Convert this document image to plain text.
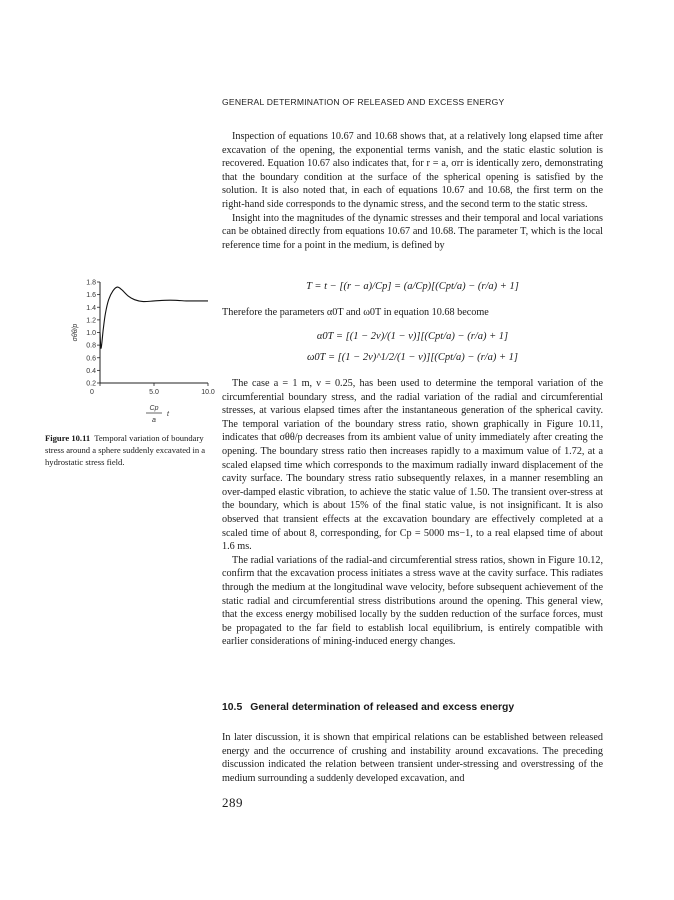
GENERAL DETERMINATION OF RELEASED AND EXCESS ENERGY

Inspection of equations 10.67 and 10.68 shows that, at a relatively long elapsed time after excavation of the opening, the exponential terms vanish, and the static elastic solution is recovered. Equation 10.67 also indicates that, for r = a, σrr is identically zero, demonstrating that the boundary condition at the surface of the spherical opening is satisfied by the solution. It is also noted that, in each of equations 10.67 and 10.68, the first term on the right-hand side corresponds to the dynamic stress, and the second term to the static stress.

Insight into the magnitudes of the dynamic stresses and their temporal and local variations can be obtained directly from equations 10.67 and 10.68. The parameter T, which is the local reference time for a point in the medium, is defined by

T = t − [(r − a)/Cp] = (a/Cp)[(Cpt/a) − (r/a) + 1]

Therefore the parameters α0T and ω0T in equation 10.68 become

α0T = [(1 − 2ν)/(1 − ν)][(Cpt/a) − (r/a) + 1]
ω0T = [(1 − 2ν)^1/2/(1 − ν)][(Cpt/a) − (r/a) + 1]

The case a = 1 m, ν = 0.25, has been used to determine the temporal variation of the circumferential boundary stress, and the radial variation of the radial and circumferential stresses, at various elapsed times after the instantaneous generation of the spherical cavity. The temporal variation of the boundary stress ratio, shown graphically in Figure 10.11, indicates that σθθ/p decreases from its ambient value of unity immediately after creating the opening. The boundary stress ratio then increases rapidly to a maximum value of 1.72, at a scaled elapsed time which corresponds to the maximum radially inward displacement of the cavity surface. The boundary stress ratio subsequently relaxes, in a manner resembling an over-damped elastic vibration, to achieve the static value of 1.50. The transient over-stress at the boundary, which is about 15% of the final static value, is not insignificant. It is also observed that transient effects at the excavation boundary are effectively completed at a scaled time of about 8, corresponding, for Cp = 5000 ms−1, to a real elapsed time of about 1.6 ms.

The radial variations of the radial-and circumferential stress ratios, shown in Figure 10.12, confirm that the excavation process initiates a stress wave at the cavity surface. This radiates through the medium at the longitudinal wave velocity, before subsequent achievement of the static radial and circumferential stress distributions around the opening. This general view, that the excess energy mobilised locally by the sudden reduction of the surface forces, must be propagated to the far field to establish local equilibrium, is entirely compatible with earlier considerations of mining-induced energy changes.

10.5 General determination of released and excess energy

In later discussion, it is shown that empirical relations can be established between released energy and the occurrence of crushing and instability around excavations. The preceding discussion indicated the relation between transient under-stressing and overstressing of the medium surrounding a suddenly developed excavation, and

289
0.2
0.4
0.6
0.8
1.0
1.2
1.4
1.6
1.8
0	5.0	10.0
σθθ/p
Cp
a
t
Figure 10.11 Temporal variation of boundary stress around a sphere suddenly excavated in a hydrostatic stress field.
